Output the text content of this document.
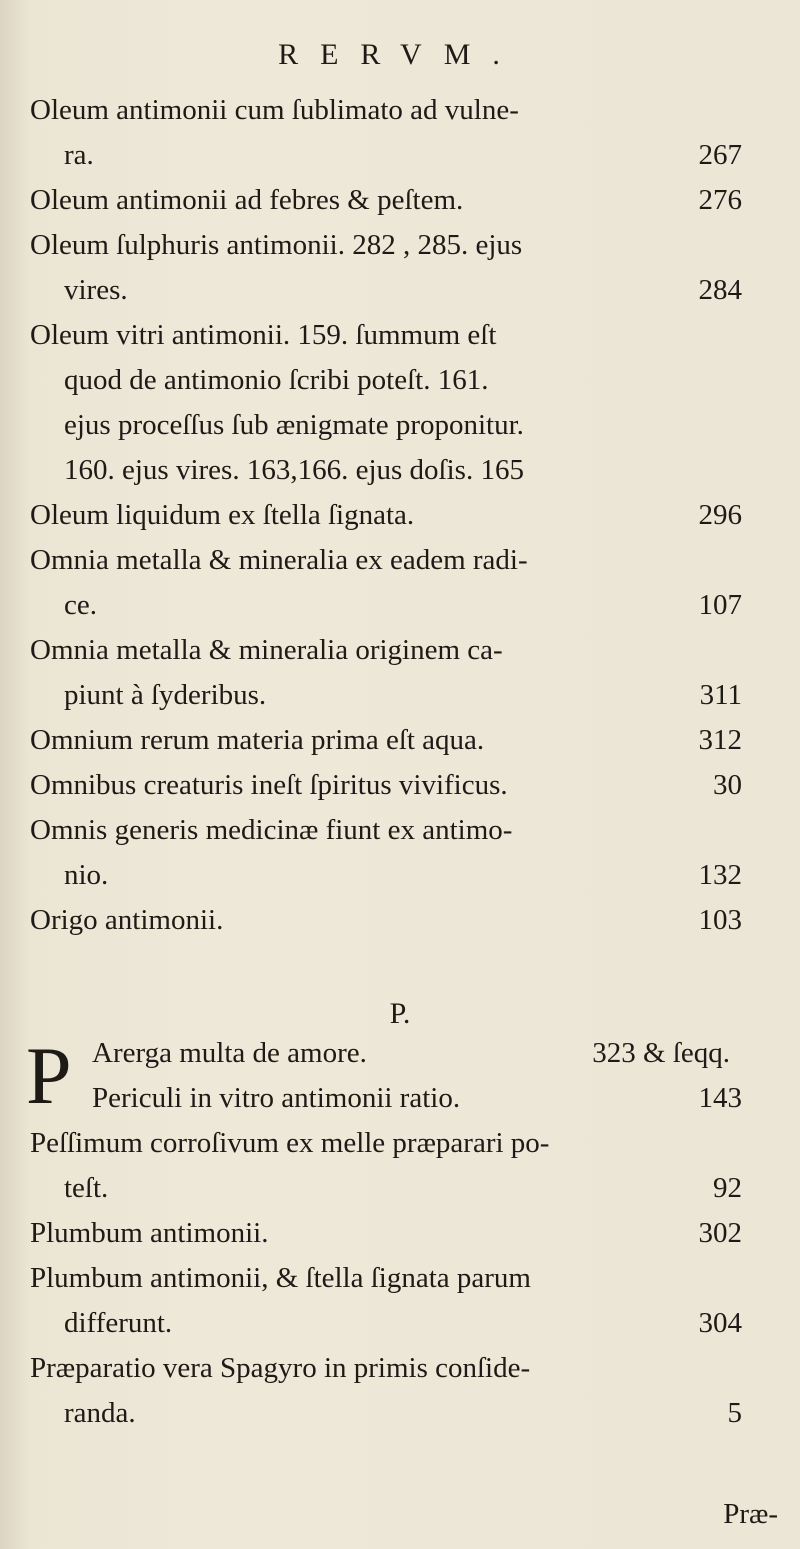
RERVM.
Oleum antimonii cum ſublimato ad vulne-
ra.	267
Oleum antimonii ad febres & peſtem.	276
Oleum ſulphuris antimonii. 282 , 285. ejus
vires.	284
Oleum vitri antimonii. 159. ſummum eſt
quod de antimonio ſcribi poteſt. 161.
ejus proceſſus ſub ænigmate proponitur.
160. ejus vires. 163,166. ejus doſis. 165
Oleum liquidum ex ſtella ſignata.	296
Omnia metalla & mineralia ex eadem radi-
ce.	107
Omnia metalla & mineralia originem ca-
piunt à ſyderibus.	311
Omnium rerum materia prima eſt aqua.	312
Omnibus creaturis ineſt ſpiritus vivificus.	30
Omnis generis medicinæ fiunt ex antimo-
nio.	132
Origo antimonii.	103
P.
P Arerga multa de amore.	323 & ſeqq.
Periculi in vitro antimonii ratio.	143
Peſſimum corroſivum ex melle præparari po-
teſt.	92
Plumbum antimonii.	302
Plumbum antimonii, & ſtella ſignata parum
differunt.	304
Præparatio vera Spagyro in primis conſide-
randa.	5
Præ-
